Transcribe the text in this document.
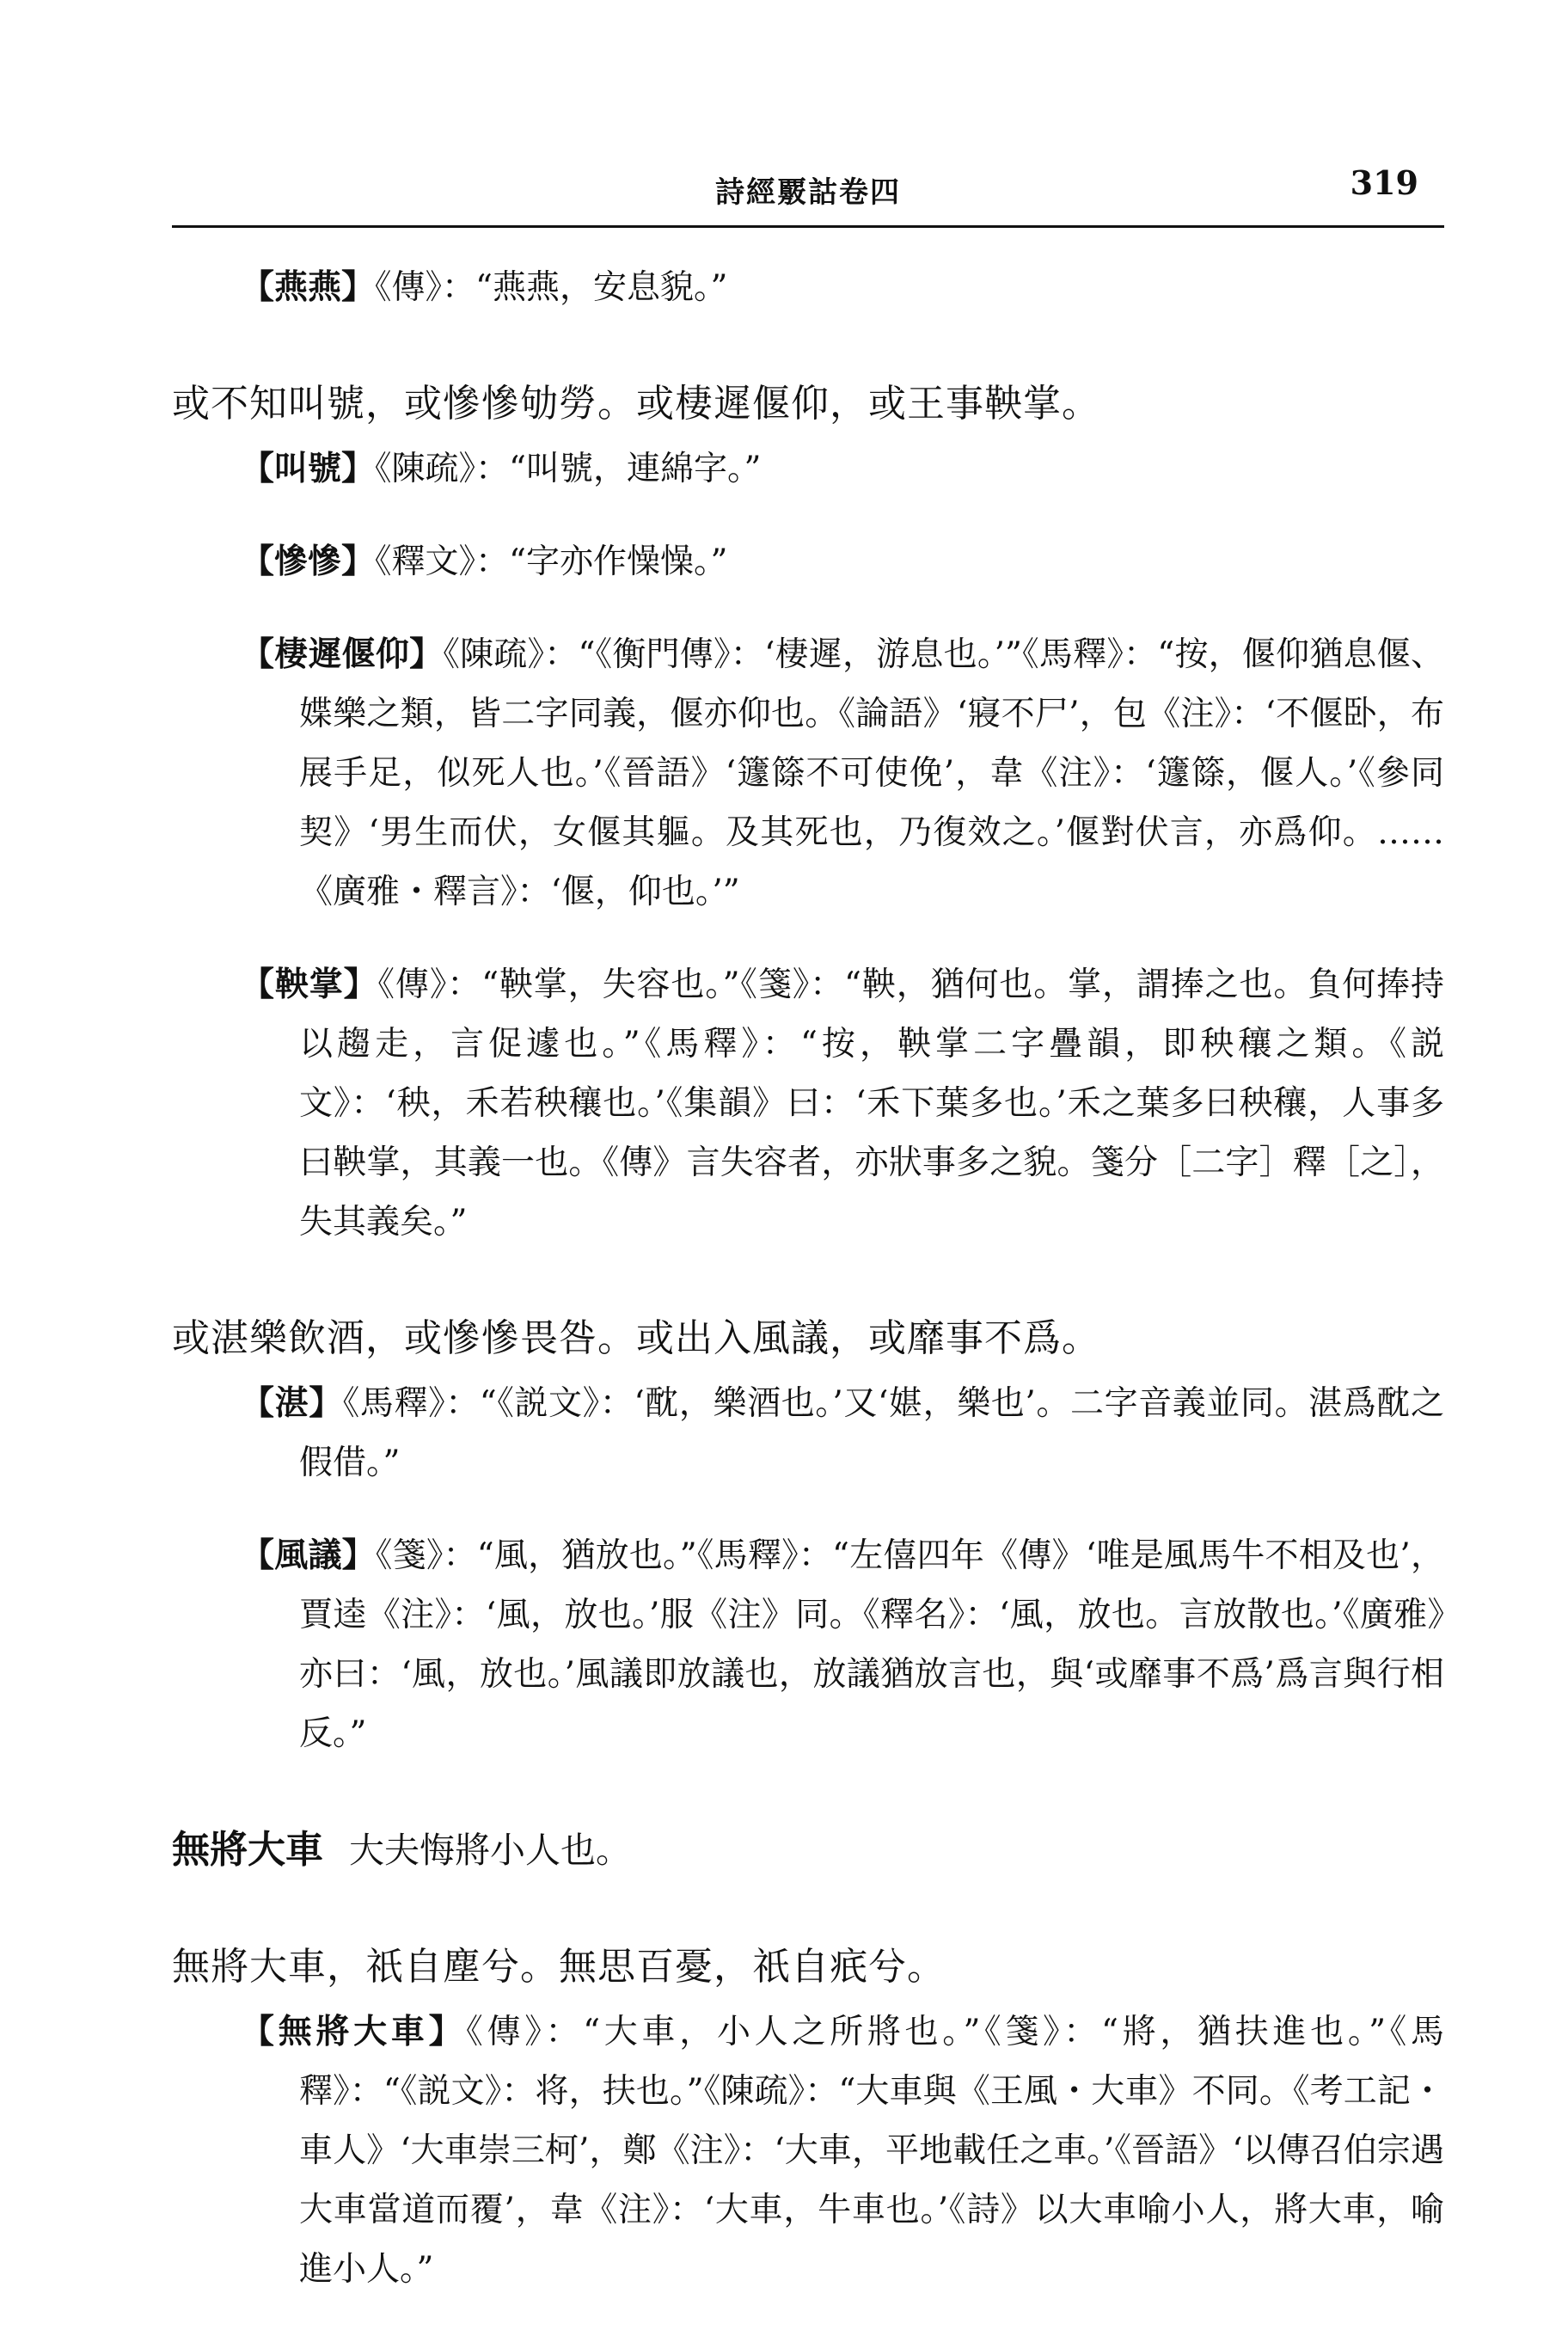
詩經覈詁卷四	319

【燕燕】《傳》：“燕燕，安息貌。”

或不知叫號，或慘慘劬勞。或棲遲偃仰，或王事鞅掌。

【叫號】《陳疏》：“叫號，連綿字。”

【慘慘】《釋文》：“字亦作懆懆。”

【棲遲偃仰】《陳疏》：“《衡門傳》：‘棲遲，游息也。’”《馬釋》：“按，偃仰猶息偃、媟樂之類，皆二字同義，偃亦仰也。《論語》‘寢不尸’，包《注》：‘不偃卧，布展手足，似死人也。’《晉語》‘籧篨不可使俛’，韋《注》：‘籧篨，偃人。’《參同契》‘男生而伏，女偃其軀。及其死也，乃復效之。’偃對伏言，亦爲仰。……《廣雅・釋言》：‘偃，仰也。’”

【鞅掌】《傳》：“鞅掌，失容也。”《箋》：“鞅，猶何也。掌，謂捧之也。負何捧持以趨走，言促遽也。”《馬釋》：“按，鞅掌二字疊韻，即秧穰之類。《説文》：‘秧，禾若秧穰也。’《集韻》曰：‘禾下葉多也。’禾之葉多曰秧穰，人事多曰鞅掌，其義一也。《傳》言失容者，亦狀事多之貌。箋分［二字］釋［之］，失其義矣。”

或湛樂飲酒，或慘慘畏咎。或出入風議，或靡事不爲。

【湛】《馬釋》：“《説文》：‘酖，樂酒也。’又‘媅，樂也’。二字音義並同。湛爲酖之假借。”

【風議】《箋》：“風，猶放也。”《馬釋》：“左僖四年《傳》‘唯是風馬牛不相及也’，賈逵《注》：‘風，放也。’服《注》同。《釋名》：‘風，放也。言放散也。’《廣雅》亦曰：‘風，放也。’風議即放議也，放議猶放言也，與‘或靡事不爲’爲言與行相反。”

無將大車 大夫悔將小人也。

無將大車，祇自塵兮。無思百憂，祇自疧兮。

【無將大車】《傳》：“大車，小人之所將也。”《箋》：“將，猶扶進也。”《馬釋》：“《説文》：将，扶也。”《陳疏》：“大車與《王風・大車》不同。《考工記・車人》‘大車崇三柯’，鄭《注》：‘大車，平地載任之車。’《晉語》‘以傳召伯宗遇大車當道而覆’，韋《注》：‘大車，牛車也。’《詩》以大車喻小人，將大車，喻進小人。”
